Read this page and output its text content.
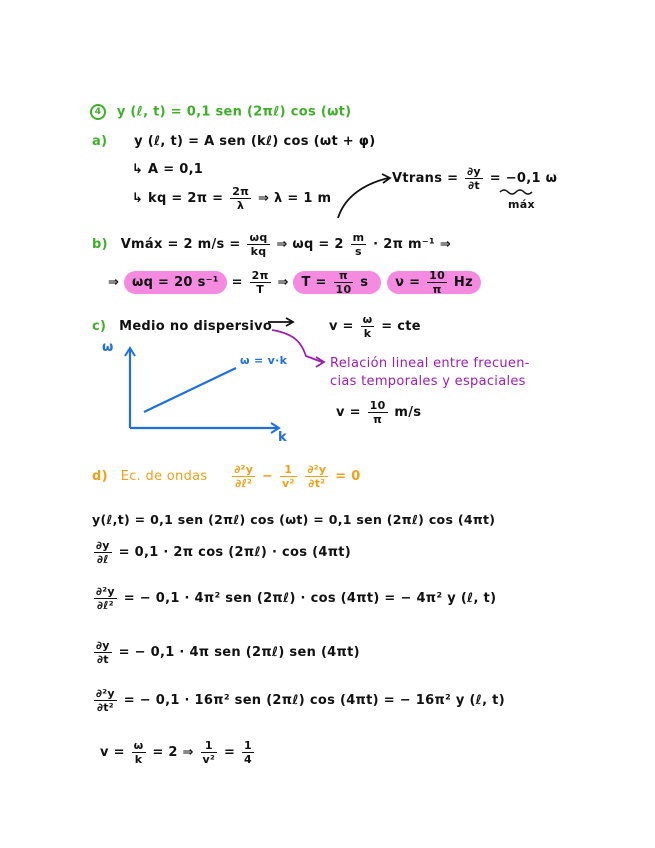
4 y (ℓ, t) = 0,1 sen (2πℓ) cos (ωt)
a) y (ℓ, t) = A sen (kℓ) cos (ωt + φ)
↳ A = 0,1
↳ kq = $2\pi = \frac{2\pi}{\lambda}$ ⇒ λ = 1 m
Vtrans = $\frac{\partial y}{\partial t} = -0,1$ ω
máx
b) Vmáx = 2 $m/s = \frac{\omega q}{kq}$ ⇒ $\omega q = 2 \frac{m}{s} \cdot 2\pi$ m⁻¹ ⇒
⇒ ωq = 20 $s^{-1} = \frac{2\pi}{T}$ ⇒ $T = \frac{\pi}{10}$ s $\nu = \frac{10}{\pi}$ Hz
c) Medio no dispersivo	$v = \frac{\omega}{k}$ = cte
ω
k
ω = v·k	Relación lineal entre frecuen-
cias temporales y espaciales
$v = \frac{10}{\pi} m/s$
d) Ec. de ondas $\frac{\text{∂²y}}{\text{∂ℓ²}} - \frac{1}{\text{v²}}$
$\frac{\text{∂²y}}{\text{∂t²}} = 0$
y(ℓ,t) = 0,1 sen (2πℓ) cos (ωt) = 0,1 sen (2πℓ) cos (4πt)
$\frac{\partial y}{\text{∂ℓ}} = 0,1 \cdot 2\pi$ cos (2πℓ) · cos (4πt)
$\frac{\text{∂²y}}{\text{∂ℓ²}}$ = − 0,1 · 4π² sen (2πℓ) · cos (4πt) = − 4π² y (ℓ, t)
$\frac{\partial y}{\partial t}$ = − 0,1 · 4π sen (2πℓ) sen (4πt)
$\frac{\text{∂²y}}{\text{∂t²}}$ = − 0,1 · 16π² sen (2πℓ) cos (4πt) = − 16π² y (ℓ, t)
$v = \frac{\omega}{k} = 2$ ⇒ $\frac{1}{\text{v²}} = \frac{1}{4}$
